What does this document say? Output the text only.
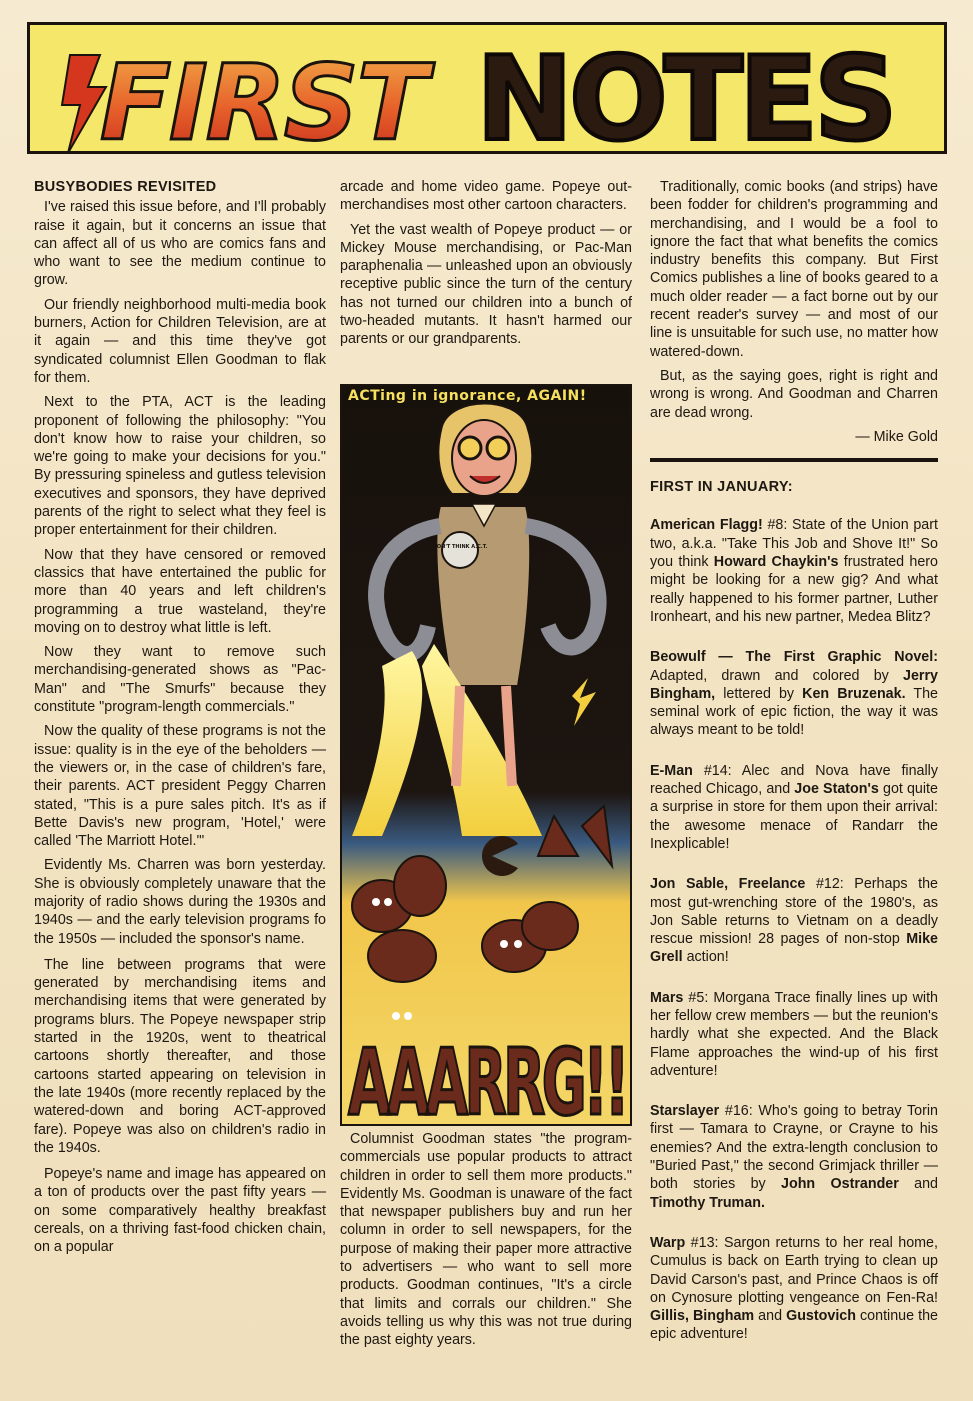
FIRST NOTES

BUSYBODIES REVISITED

I've raised this issue before, and I'll probably raise it again, but it concerns an issue that can affect all of us who are comics fans and who want to see the medium continue to grow.

Our friendly neighborhood multi-media book burners, Action for Children Television, are at it again — and this time they've got syndicated columnist Ellen Goodman to flak for them.

Next to the PTA, ACT is the leading proponent of following the philosophy: "You don't know how to raise your children, so we're going to make your decisions for you." By pressuring spineless and gutless television executives and sponsors, they have deprived parents of the right to select what they feel is proper entertainment for their children.

Now that they have censored or removed classics that have entertained the public for more than 40 years and left children's programming a true wasteland, they're moving on to destroy what little is left.

Now they want to remove such merchandising-generated shows as "Pac-Man" and "The Smurfs" because they constitute "program-length commercials."

Now the quality of these programs is not the issue: quality is in the eye of the beholders — the viewers or, in the case of children's fare, their parents. ACT president Peggy Charren stated, "This is a pure sales pitch. It's as if Bette Davis's new program, 'Hotel,' were called 'The Marriott Hotel.'"

Evidently Ms. Charren was born yesterday. She is obviously completely unaware that the majority of radio shows during the 1930s and 1940s — and the early television programs fo the 1950s — included the sponsor's name.

The line between programs that were generated by merchandising items and merchandising items that were generated by programs blurs. The Popeye newspaper strip started in the 1920s, went to theatrical cartoons shortly thereafter, and those cartoons started appearing on television in the late 1940s (more recently replaced by the watered-down and boring ACT-approved fare). Popeye was also on children's radio in the 1940s.

Popeye's name and image has appeared on a ton of products over the past fifty years — on some comparatively healthy breakfast cereals, on a thriving fast-food chicken chain, on a popular

arcade and home video game. Popeye out-merchandises most other cartoon characters.

Yet the vast wealth of Popeye product — or Mickey Mouse merchandising, or Pac-Man paraphenalia — unleashed upon an obviously receptive public since the turn of the century has not turned our children into a bunch of two-headed mutants. It hasn't harmed our parents or our grandparents.

AAARRG!!
DON'T THINK A.C.T.
ACTing in ignorance, AGAIN!

Columnist Goodman states "the program-commercials use popular products to attract children in order to sell them more products." Evidently Ms. Goodman is unaware of the fact that newspaper publishers buy and run her column in order to sell newspapers, for the purpose of making their paper more attractive to advertisers — who want to sell more products. Goodman continues, "It's a circle that limits and corrals our children." She avoids telling us why this was not true during the past eighty years.

Traditionally, comic books (and strips) have been fodder for children's programming and merchandising, and I would be a fool to ignore the fact that what benefits the comics industry benefits this company. But First Comics publishes a line of books geared to a much older reader — a fact borne out by our recent reader's survey — and most of our line is unsuitable for such use, no matter how watered-down.

But, as the saying goes, right is right and wrong is wrong. And Goodman and Charren are dead wrong.

— Mike Gold

FIRST IN JANUARY:

American Flagg! #8: State of the Union part two, a.k.a. "Take This Job and Shove It!" So you think Howard Chaykin's frustrated hero might be looking for a new gig? And what really happened to his former partner, Luther Ironheart, and his new partner, Medea Blitz?

Beowulf — The First Graphic Novel: Adapted, drawn and colored by Jerry Bingham, lettered by Ken Bruzenak. The seminal work of epic fiction, the way it was always meant to be told!

E-Man #14: Alec and Nova have finally reached Chicago, and Joe Staton's got quite a surprise in store for them upon their arrival: the awesome menace of Randarr the Inexplicable!

Jon Sable, Freelance #12: Perhaps the most gut-wrenching store of the 1980's, as Jon Sable returns to Vietnam on a deadly rescue mission! 28 pages of non-stop Mike Grell action!

Mars #5: Morgana Trace finally lines up with her fellow crew members — but the reunion's hardly what she expected. And the Black Flame approaches the wind-up of his first adventure!

Starslayer #16: Who's going to betray Torin first — Tamara to Crayne, or Crayne to his enemies? And the extra-length conclusion to "Buried Past," the second Grimjack thriller — both stories by John Ostrander and Timothy Truman.

Warp #13: Sargon returns to her real home, Cumulus is back on Earth trying to clean up David Carson's past, and Prince Chaos is off on Cynosure plotting vengeance on Fen-Ra! Gillis, Bingham and Gustovich continue the epic adventure!
